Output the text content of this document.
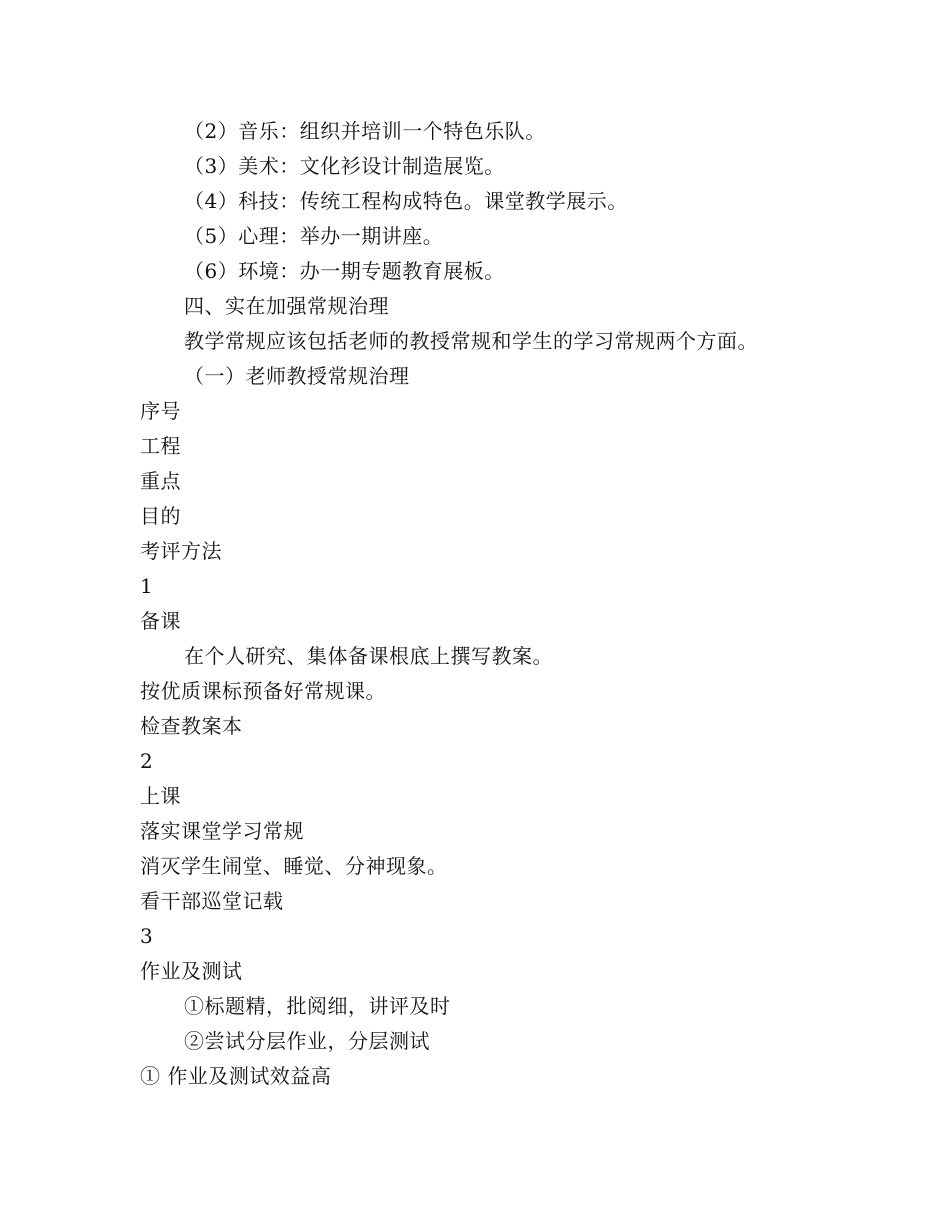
（2）音乐：组织并培训一个特色乐队。
（3）美术：文化衫设计制造展览。
（4）科技：传统工程构成特色。课堂教学展示。
（5）心理：举办一期讲座。
（6）环境：办一期专题教育展板。
四、实在加强常规治理
教学常规应该包括老师的教授常规和学生的学习常规两个方面。
（一）老师教授常规治理
序号
工程
重点
目的
考评方法
1
备课
在个人研究、集体备课根底上撰写教案。
按优质课标预备好常规课。
检查教案本
2
上课
落实课堂学习常规
消灭学生闹堂、睡觉、分神现象。
看干部巡堂记载
3
作业及测试
①标题精，批阅细，讲评及时
②尝试分层作业，分层测试
① 作业及测试效益高
